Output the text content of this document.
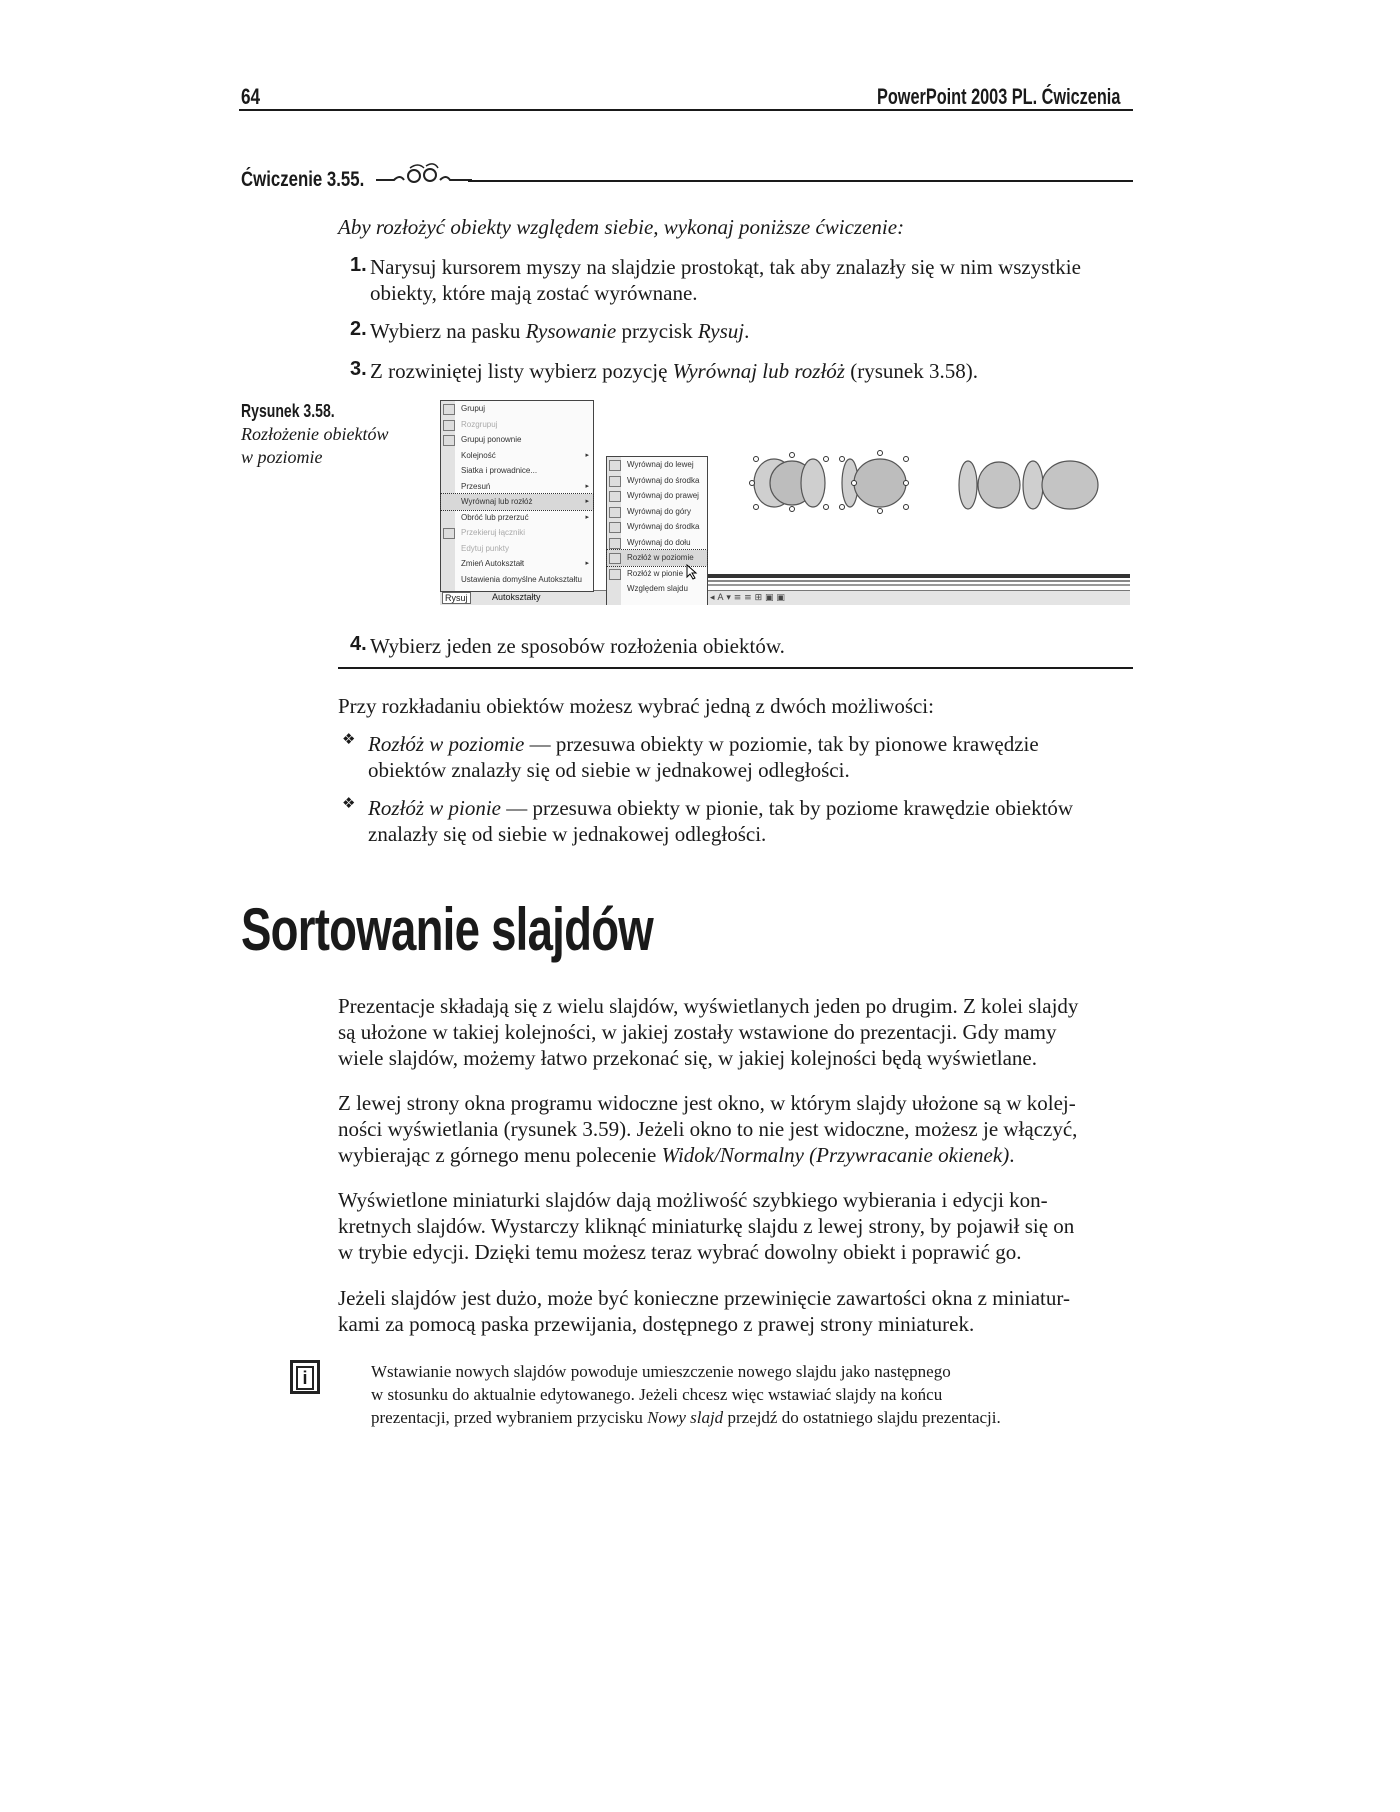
64	PowerPoint 2003 PL. Ćwiczenia
Ćwiczenie 3.55.
Aby rozłożyć obiekty względem siebie, wykonaj poniższe ćwiczenie:
1. Narysuj kursorem myszy na slajdzie prostokąt, tak aby znalazły się w nim wszystkie
obiekty, które mają zostać wyrównane.
2. Wybierz na pasku Rysowanie przycisk Rysuj.
3. Z rozwiniętej listy wybierz pozycję Wyrównaj lub rozłóż (rysunek 3.58).
Rysunek 3.58.
Rozłożenie obiektów
w poziomie
Rysuj	Autokształty	◂ A ▾ ≡ ≡ ⊞ ▣ ▣
Grupuj
Rozgrupuj
Grupuj ponownie
Kolejność	▸
Siatka i prowadnice...
Przesuń	▸
Wyrównaj lub rozłóż	▸
Obróć lub przerzuć	▸
Przekieruj łączniki
Edytuj punkty
Zmień Autokształt	▸
Ustawienia domyślne Autokształtu
Wyrównaj do lewej
Wyrównaj do środka
Wyrównaj do prawej
Wyrównaj do góry
Wyrównaj do środka
Wyrównaj do dołu
Rozłóż w poziomie
Rozłóż w pionie
Względem slajdu
4. Wybierz jeden ze sposobów rozłożenia obiektów.
Przy rozkładaniu obiektów możesz wybrać jedną z dwóch możliwości:
❖ Rozłóż w poziomie — przesuwa obiekty w poziomie, tak by pionowe krawędzie
obiektów znalazły się od siebie w jednakowej odległości.
❖ Rozłóż w pionie — przesuwa obiekty w pionie, tak by poziome krawędzie obiektów
znalazły się od siebie w jednakowej odległości.
Sortowanie slajdów
Prezentacje składają się z wielu slajdów, wyświetlanych jeden po drugim. Z kolei slajdy
są ułożone w takiej kolejności, w jakiej zostały wstawione do prezentacji. Gdy mamy
wiele slajdów, możemy łatwo przekonać się, w jakiej kolejności będą wyświetlane.
Z lewej strony okna programu widoczne jest okno, w którym slajdy ułożone są w kolej-
ności wyświetlania (rysunek 3.59). Jeżeli okno to nie jest widoczne, możesz je włączyć,
wybierając z górnego menu polecenie Widok/Normalny (Przywracanie okienek).
Wyświetlone miniaturki slajdów dają możliwość szybkiego wybierania i edycji kon-
kretnych slajdów. Wystarczy kliknąć miniaturkę slajdu z lewej strony, by pojawił się on
w trybie edycji. Dzięki temu możesz teraz wybrać dowolny obiekt i poprawić go.
Jeżeli slajdów jest dużo, może być konieczne przewinięcie zawartości okna z miniatur-
kami za pomocą paska przewijania, dostępnego z prawej strony miniaturek.
i	Wstawianie nowych slajdów powoduje umieszczenie nowego slajdu jako następnego
w stosunku do aktualnie edytowanego. Jeżeli chcesz więc wstawiać slajdy na końcu
prezentacji, przed wybraniem przycisku Nowy slajd przejdź do ostatniego slajdu prezentacji.
